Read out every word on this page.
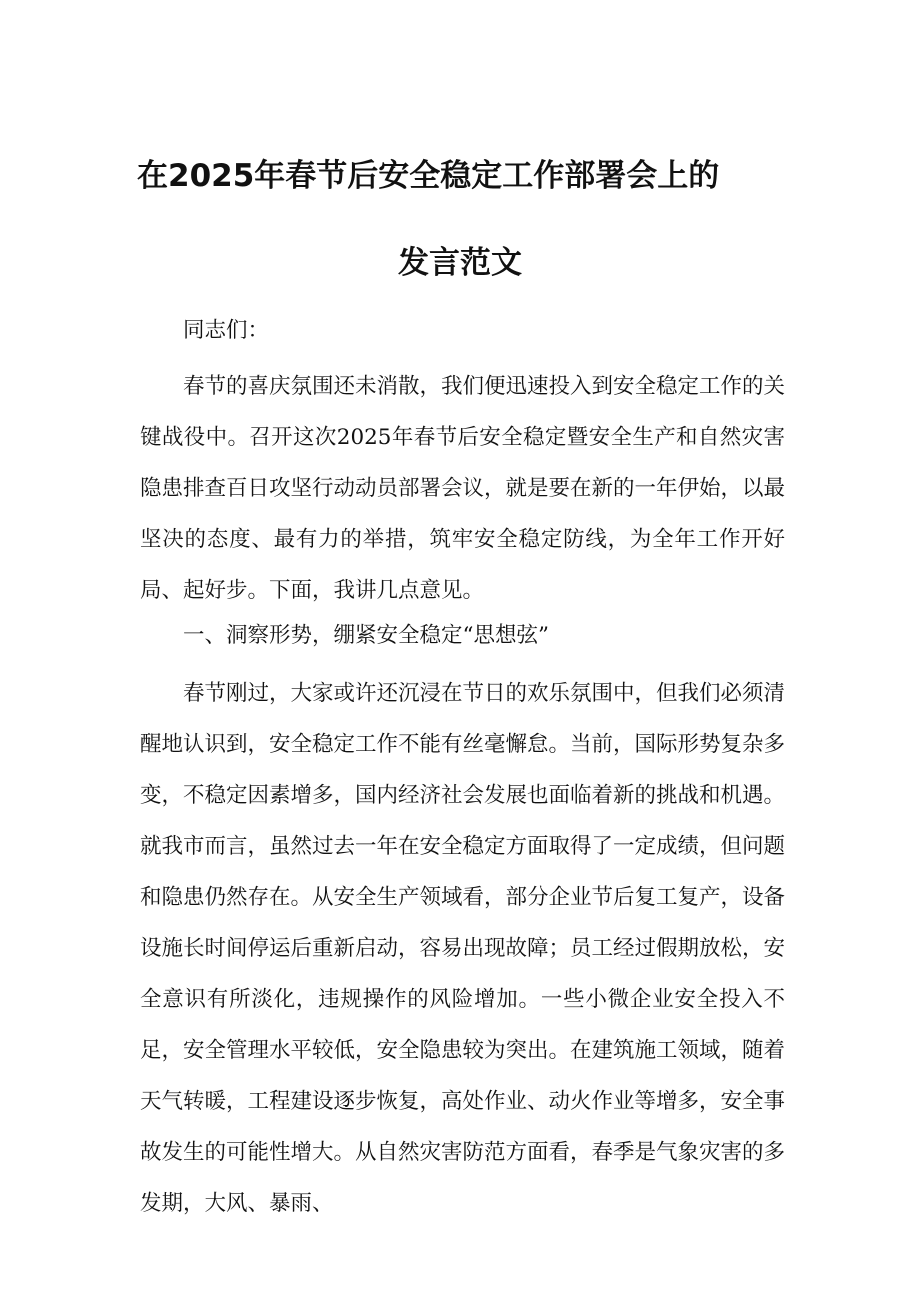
在2025年春节后安全稳定工作部署会上的
发言范文

同志们：

春节的喜庆氛围还未消散，我们便迅速投入到安全稳定工作的关键战役中。召开这次2025年春节后安全稳定暨安全生产和自然灾害隐患排查百日攻坚行动动员部署会议，就是要在新的一年伊始，以最坚决的态度、最有力的举措，筑牢安全稳定防线，为全年工作开好局、起好步。下面，我讲几点意见。

一、洞察形势，绷紧安全稳定“思想弦”

春节刚过，大家或许还沉浸在节日的欢乐氛围中，但我们必须清醒地认识到，安全稳定工作不能有丝毫懈怠。当前，国际形势复杂多变，不稳定因素增多，国内经济社会发展也面临着新的挑战和机遇。就我市而言，虽然过去一年在安全稳定方面取得了一定成绩，但问题和隐患仍然存在。从安全生产领域看，部分企业节后复工复产，设备设施长时间停运后重新启动，容易出现故障；员工经过假期放松，安全意识有所淡化，违规操作的风险增加。一些小微企业安全投入不足，安全管理水平较低，安全隐患较为突出。在建筑施工领域，随着天气转暖，工程建设逐步恢复，高处作业、动火作业等增多，安全事故发生的可能性增大。从自然灾害防范方面看，春季是气象灾害的多发期，大风、暴雨、
